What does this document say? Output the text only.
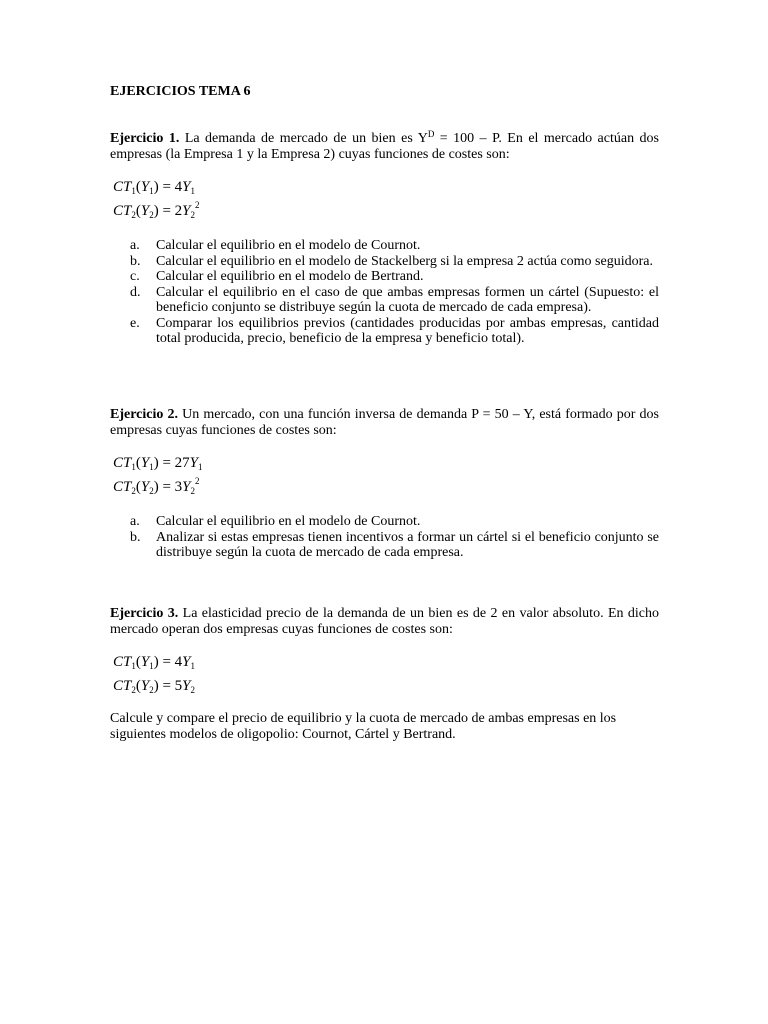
EJERCICIOS TEMA 6

Ejercicio 1. La demanda de mercado de un bien es $Y^D = 100 - P$. En el mercado actúan dos empresas (la Empresa 1 y la Empresa 2) cuyas funciones de costes son:

$CT_1(Y_1) = 4Y_1$
$CT_2(Y_2) = 2Y_2^2$
a. Calcular el equilibrio en el modelo de Cournot.
b. Calcular el equilibrio en el modelo de Stackelberg si la empresa 2 actúa como seguidora.
c. Calcular el equilibrio en el modelo de Bertrand.
d. Calcular el equilibrio en el caso de que ambas empresas formen un cártel (Supuesto: el beneficio conjunto se distribuye según la cuota de mercado de cada empresa).
e. Comparar los equilibrios previos (cantidades producidas por ambas empresas, cantidad total producida, precio, beneficio de la empresa y beneficio total).

Ejercicio 2. Un mercado, con una función inversa de demanda P = 50 – Y, está formado por dos empresas cuyas funciones de costes son:

$CT_1(Y_1) = 27Y_1$
$CT_2(Y_2) = 3Y_2^2$
a. Calcular el equilibrio en el modelo de Cournot.
b. Analizar si estas empresas tienen incentivos a formar un cártel si el beneficio conjunto se distribuye según la cuota de mercado de cada empresa.

Ejercicio 3. La elasticidad precio de la demanda de un bien es de 2 en valor absoluto. En dicho mercado operan dos empresas cuyas funciones de costes son:

$CT_1(Y_1) = 4Y_1$
$CT_2(Y_2) = 5Y_2$

Calcule y compare el precio de equilibrio y la cuota de mercado de ambas empresas en los siguientes modelos de oligopolio: Cournot, Cártel y Bertrand.
